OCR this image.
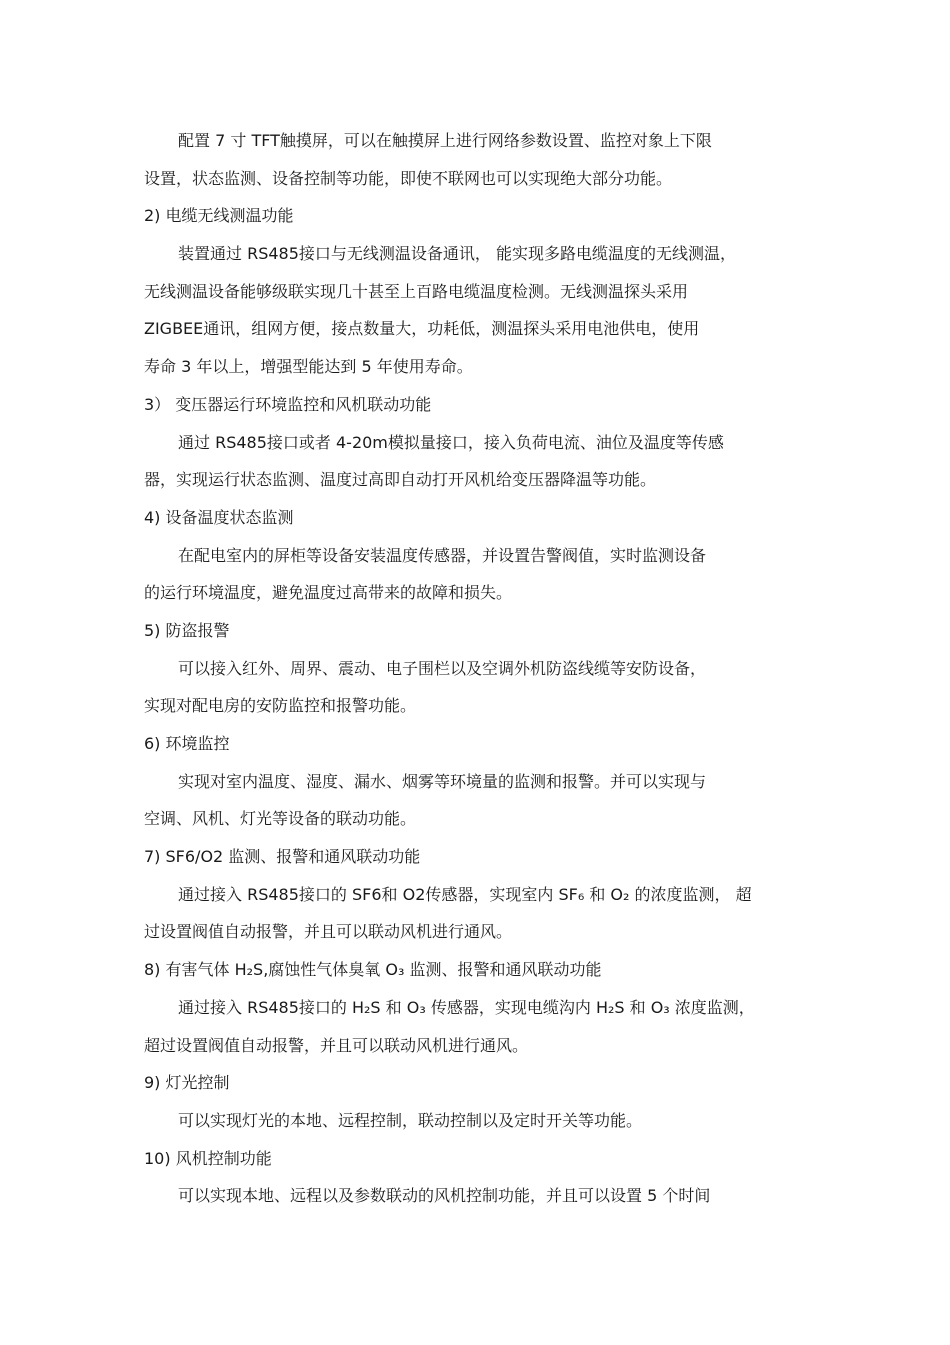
配置 7 寸 TFT触摸屏，可以在触摸屏上进行网络参数设置、监控对象上下限
设置，状态监测、设备控制等功能，即使不联网也可以实现绝大部分功能。
2) 电缆无线测温功能
装置通过 RS485接口与无线测温设备通讯， 能实现多路电缆温度的无线测温，
无线测温设备能够级联实现几十甚至上百路电缆温度检测。无线测温探头采用
ZIGBEE通讯，组网方便，接点数量大，功耗低，测温探头采用电池供电，使用
寿命 3 年以上，增强型能达到 5 年使用寿命。
3） 变压器运行环境监控和风机联动功能
通过 RS485接口或者 4-20m模拟量接口，接入负荷电流、油位及温度等传感
器，实现运行状态监测、温度过高即自动打开风机给变压器降温等功能。
4) 设备温度状态监测
在配电室内的屏柜等设备安装温度传感器，并设置告警阀值，实时监测设备
的运行环境温度，避免温度过高带来的故障和损失。
5) 防盗报警
可以接入红外、周界、震动、电子围栏以及空调外机防盗线缆等安防设备，
实现对配电房的安防监控和报警功能。
6) 环境监控
实现对室内温度、湿度、漏水、烟雾等环境量的监测和报警。并可以实现与
空调、风机、灯光等设备的联动功能。
7) SF6/O2 监测、报警和通风联动功能
通过接入 RS485接口的 SF6和 O2传感器，实现室内 SF₆ 和 O₂ 的浓度监测， 超
过设置阀值自动报警，并且可以联动风机进行通风。
8) 有害气体 H₂S,腐蚀性气体臭氧 O₃ 监测、报警和通风联动功能
通过接入 RS485接口的 H₂S 和 O₃ 传感器，实现电缆沟内 H₂S 和 O₃ 浓度监测，
超过设置阀值自动报警，并且可以联动风机进行通风。
9) 灯光控制
可以实现灯光的本地、远程控制，联动控制以及定时开关等功能。
10) 风机控制功能
可以实现本地、远程以及参数联动的风机控制功能，并且可以设置 5 个时间
